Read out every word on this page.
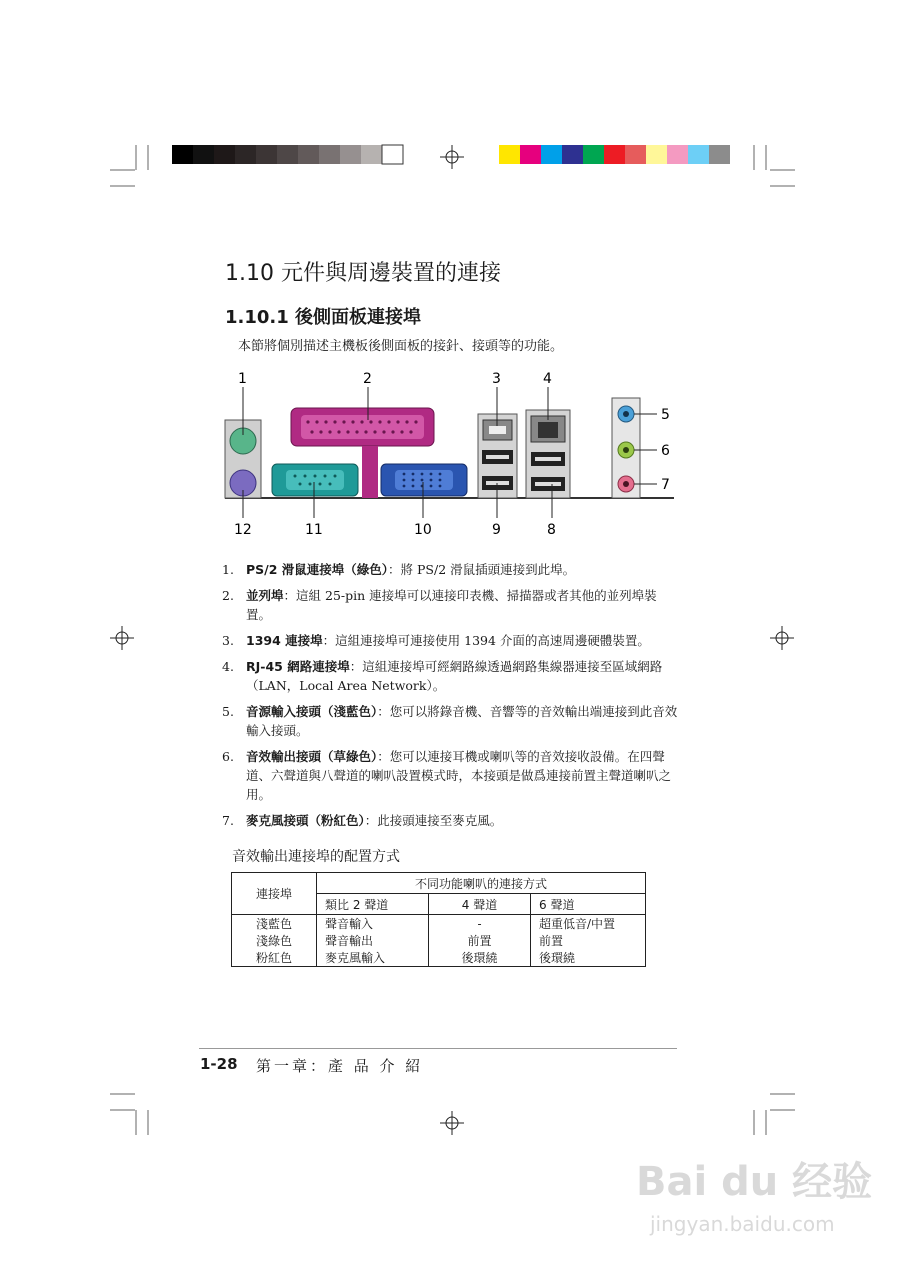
1.10 元件與周邊裝置的連接
1.10.1 後側面板連接埠
本節將個別描述主機板後側面板的接針、接頭等的功能。
1	2	3	4
5
6
7
8
9
10
11
12
1. PS/2 滑鼠連接埠（綠色）：將 PS/2 滑鼠插頭連接到此埠。
2. 並列埠：這組 25-pin 連接埠可以連接印表機、掃描器或者其他的並列埠裝置。
3. 1394 連接埠：這組連接埠可連接使用 1394 介面的高速周邊硬體裝置。
4. RJ-45 網路連接埠：這組連接埠可經網路線透過網路集線器連接至區域網路（LAN，Local Area Network）。
5. 音源輸入接頭（淺藍色）：您可以將錄音機、音響等的音效輸出端連接到此音效輸入接頭。
6. 音效輸出接頭（草綠色）：您可以連接耳機或喇叭等的音效接收設備。在四聲道、六聲道與八聲道的喇叭設置模式時，本接頭是做爲連接前置主聲道喇叭之用。
7. 麥克風接頭（粉紅色）：此接頭連接至麥克風。
音效輸出連接埠的配置方式
連接埠	不同功能喇叭的連接方式		
	類比 2 聲道	4 聲道	6 聲道
淺藍色	聲音輸入	-	超重低音/中置
淺綠色	聲音輸出	前置	前置
粉紅色	麥克風輸入	後環繞	後環繞
1-28 第一章：產 品 介 紹
Bai du 经验
jingyan.baidu.com
